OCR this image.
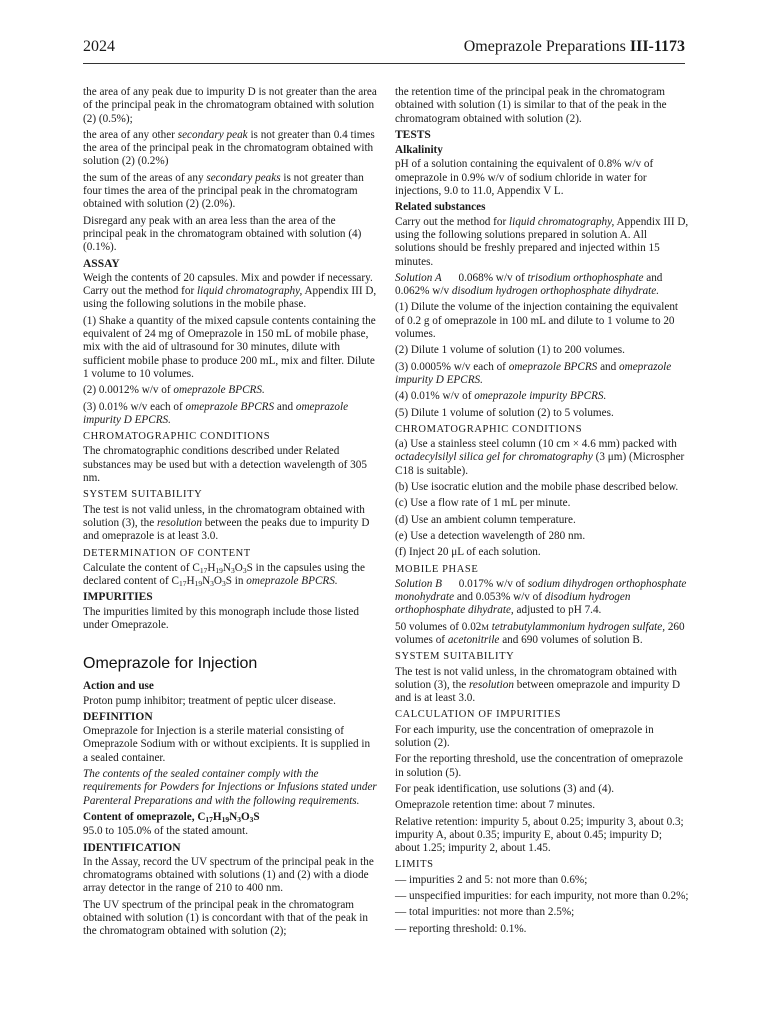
2024	Omeprazole Preparations III-1173

the area of any peak due to impurity D is not greater than the area of the principal peak in the chromatogram obtained with solution (2) (0.5%);

the area of any other secondary peak is not greater than 0.4 times the area of the principal peak in the chromatogram obtained with solution (2) (0.2%)

the sum of the areas of any secondary peaks is not greater than four times the area of the principal peak in the chromatogram obtained with solution (2) (2.0%).

Disregard any peak with an area less than the area of the principal peak in the chromatogram obtained with solution (4) (0.1%).

ASSAY

Weigh the contents of 20 capsules. Mix and powder if necessary. Carry out the method for liquid chromatography, Appendix III D, using the following solutions in the mobile phase.

(1) Shake a quantity of the mixed capsule contents containing the equivalent of 24 mg of Omeprazole in 150 mL of mobile phase, mix with the aid of ultrasound for 30 minutes, dilute with sufficient mobile phase to produce 200 mL, mix and filter. Dilute 1 volume to 10 volumes.

(2) 0.0012% w/v of omeprazole BPCRS.

(3) 0.01% w/v each of omeprazole BPCRS and omeprazole impurity D EPCRS.

CHROMATOGRAPHIC CONDITIONS

The chromatographic conditions described under Related substances may be used but with a detection wavelength of 305 nm.

SYSTEM SUITABILITY

The test is not valid unless, in the chromatogram obtained with solution (3), the resolution between the peaks due to impurity D and omeprazole is at least 3.0.

DETERMINATION OF CONTENT

Calculate the content of $C_{17}H_{19}N_3O_3S$ in the capsules using the declared content of $C_{17}H_{19}N_3O_3S$ in omeprazole BPCRS.

IMPURITIES

The impurities limited by this monograph include those listed under Omeprazole.

Omeprazole for Injection
Action and use

Proton pump inhibitor; treatment of peptic ulcer disease.

DEFINITION

Omeprazole for Injection is a sterile material consisting of Omeprazole Sodium with or without excipients. It is supplied in a sealed container.

The contents of the sealed container comply with the requirements for Powders for Injections or Infusions stated under Parenteral Preparations and with the following requirements.

Content of omeprazole, $C_{17}H_{19}N_3O_3S$

95.0 to 105.0% of the stated amount.

IDENTIFICATION

In the Assay, record the UV spectrum of the principal peak in the chromatograms obtained with solutions (1) and (2) with a diode array detector in the range of 210 to 400 nm.

The UV spectrum of the principal peak in the chromatogram obtained with solution (1) is concordant with that of the peak in the chromatogram obtained with solution (2);

the retention time of the principal peak in the chromatogram obtained with solution (1) is similar to that of the peak in the chromatogram obtained with solution (2).

TESTS
Alkalinity

pH of a solution containing the equivalent of 0.8% w/v of omeprazole in 0.9% w/v of sodium chloride in water for injections, 9.0 to 11.0, Appendix V L.

Related substances

Carry out the method for liquid chromatography, Appendix III D, using the following solutions prepared in solution A. All solutions should be freshly prepared and injected within 15 minutes.

Solution A      0.068% w/v of trisodium orthophosphate and 0.062% w/v disodium hydrogen orthophosphate dihydrate.

(1) Dilute the volume of the injection containing the equivalent of 0.2 g of omeprazole in 100 mL and dilute to 1 volume to 20 volumes.

(2) Dilute 1 volume of solution (1) to 200 volumes.

(3) 0.0005% w/v each of omeprazole BPCRS and omeprazole impurity D EPCRS.

(4) 0.01% w/v of omeprazole impurity BPCRS.

(5) Dilute 1 volume of solution (2) to 5 volumes.

CHROMATOGRAPHIC CONDITIONS

(a) Use a stainless steel column (10 cm × 4.6 mm) packed with octadecylsilyl silica gel for chromatography (3 μm) (Microspher C18 is suitable).

(b) Use isocratic elution and the mobile phase described below.

(c) Use a flow rate of 1 mL per minute.

(d) Use an ambient column temperature.

(e) Use a detection wavelength of 280 nm.

(f) Inject 20 μL of each solution.

MOBILE PHASE

Solution B      0.017% w/v of sodium dihydrogen orthophosphate monohydrate and 0.053% w/v of disodium hydrogen orthophosphate dihydrate, adjusted to pH 7.4.

50 volumes of 0.02M tetrabutylammonium hydrogen sulfate, 260 volumes of acetonitrile and 690 volumes of solution B.

SYSTEM SUITABILITY

The test is not valid unless, in the chromatogram obtained with solution (3), the resolution between omeprazole and impurity D and is at least 3.0.

CALCULATION OF IMPURITIES

For each impurity, use the concentration of omeprazole in solution (2).

For the reporting threshold, use the concentration of omeprazole in solution (5).

For peak identification, use solutions (3) and (4).

Omeprazole retention time: about 7 minutes.

Relative retention: impurity 5, about 0.25; impurity 3, about 0.3; impurity A, about 0.35; impurity E, about 0.45; impurity D; about 1.25; impurity 2, about 1.45.

LIMITS

— impurities 2 and 5: not more than 0.6%;

— unspecified impurities: for each impurity, not more than 0.2%;

— total impurities: not more than 2.5%;

— reporting threshold: 0.1%.
